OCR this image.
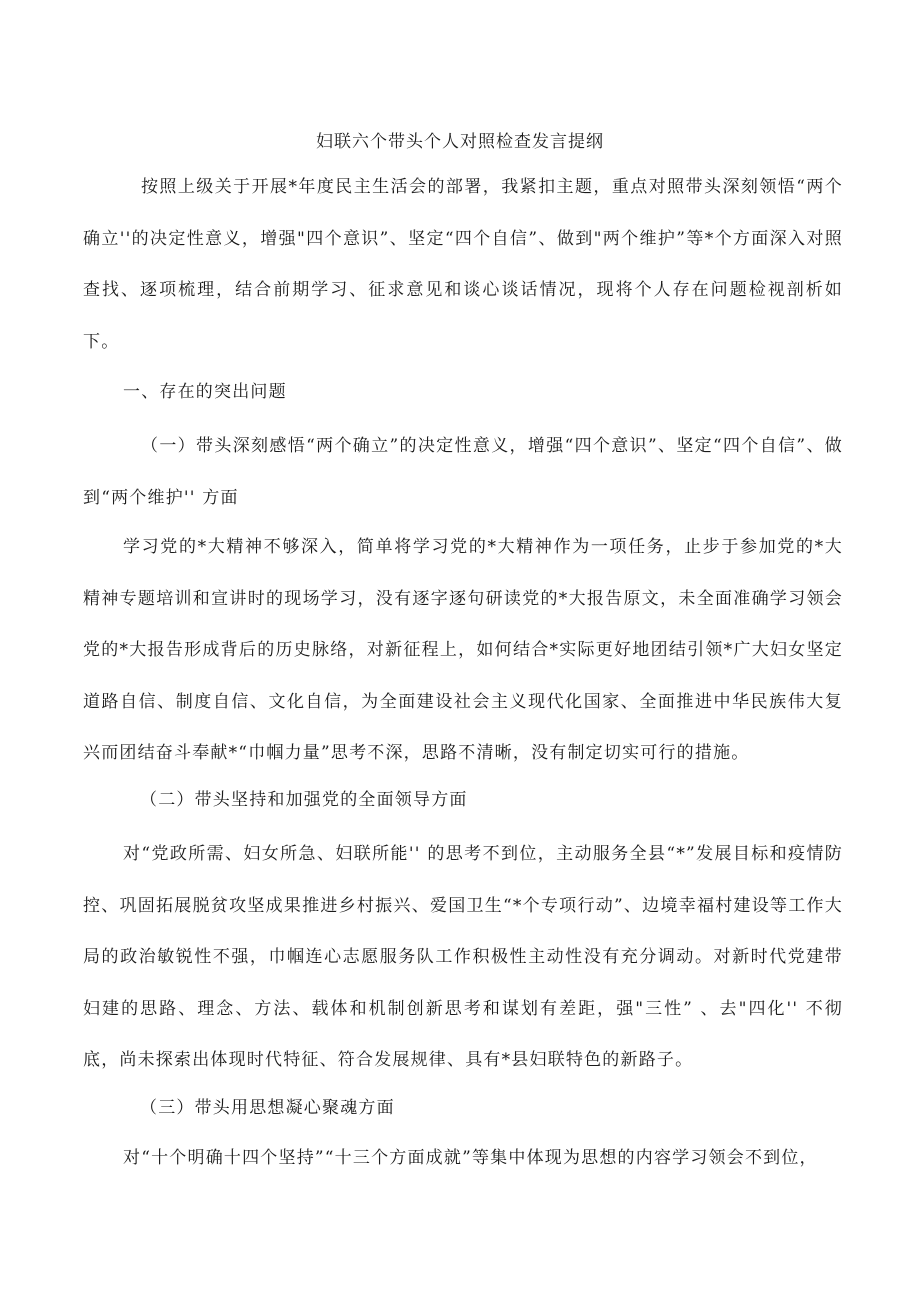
妇联六个带头个人对照检查发言提纲

按照上级关于开展*年度民主生活会的部署，我紧扣主题，重点对照带头深刻领悟“两个确立''的决定性意义，增强"四个意识”、坚定“四个自信”、做到"两个维护”等*个方面深入对照查找、逐项梳理，结合前期学习、征求意见和谈心谈话情况，现将个人存在问题检视剖析如下。

一、存在的突出问题

（一）带头深刻感悟“两个确立”的决定性意义，增强“四个意识”、坚定“四个自信”、做到“两个维护'' 方面

学习党的*大精神不够深入，简单将学习党的*大精神作为一项任务，止步于参加党的*大精神专题培训和宣讲时的现场学习，没有逐字逐句研读党的*大报告原文，未全面准确学习领会党的*大报告形成背后的历史脉络，对新征程上，如何结合*实际更好地团结引领*广大妇女坚定道路自信、制度自信、文化自信，为全面建设社会主义现代化国家、全面推进中华民族伟大复兴而团结奋斗奉献*“巾帼力量”思考不深，思路不清晰，没有制定切实可行的措施。

（二）带头坚持和加强党的全面领导方面

对“党政所需、妇女所急、妇联所能'' 的思考不到位，主动服务全县“*”发展目标和疫情防控、巩固拓展脱贫攻坚成果推进乡村振兴、爱国卫生“*个专项行动”、边境幸福村建设等工作大局的政治敏锐性不强，巾帼连心志愿服务队工作积极性主动性没有充分调动。对新时代党建带妇建的思路、理念、方法、载体和机制创新思考和谋划有差距，强"三性” 、去"四化'' 不彻底，尚未探索出体现时代特征、符合发展规律、具有*县妇联特色的新路子。

（三）带头用思想凝心聚魂方面

对“十个明确十四个坚持”“十三个方面成就”等集中体现为思想的内容学习领会不到位，
